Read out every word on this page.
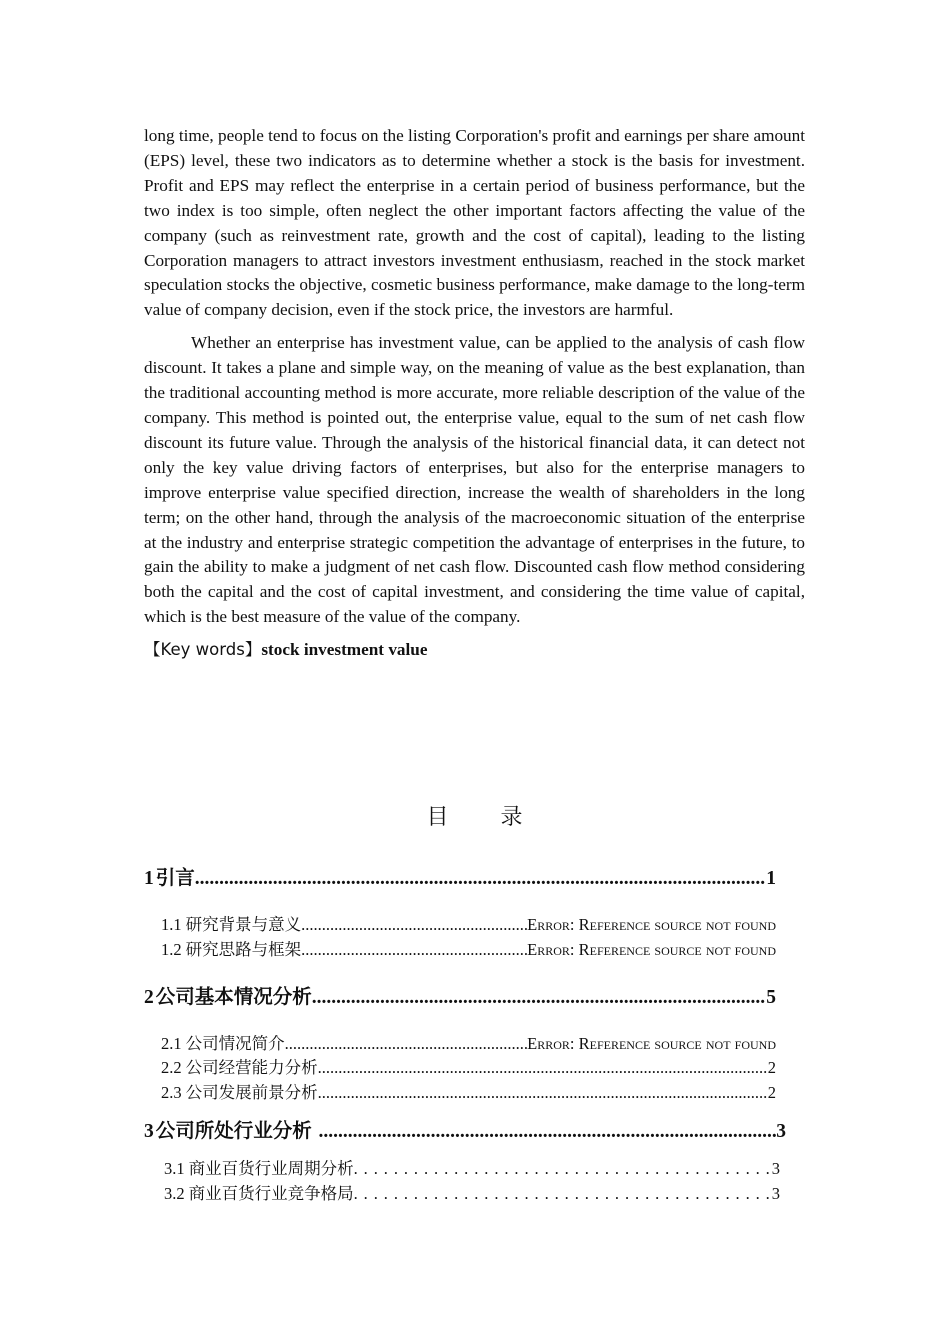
long time, people tend to focus on the listing Corporation's profit and earnings per share amount (EPS) level, these two indicators as to determine whether a stock is the basis for investment. Profit and EPS may reflect the enterprise in a certain period of business performance, but the two index is too simple, often neglect the other important factors affecting the value of the company (such as reinvestment rate, growth and the cost of capital), leading to the listing Corporation managers to attract investors investment enthusiasm, reached in the stock market speculation stocks the objective, cosmetic business performance, make damage to the long-term value of company decision, even if the stock price, the investors are harmful.

Whether an enterprise has investment value, can be applied to the analysis of cash flow discount. It takes a plane and simple way, on the meaning of value as the best explanation, than the traditional accounting method is more accurate, more reliable description of the value of the company. This method is pointed out, the enterprise value, equal to the sum of net cash flow discount its future value. Through the analysis of the historical financial data, it can detect not only the key value driving factors of enterprises, but also for the enterprise managers to improve enterprise value specified direction, increase the wealth of shareholders in the long term; on the other hand, through the analysis of the macroeconomic situation of the enterprise at the industry and enterprise strategic competition the advantage of enterprises in the future, to gain the ability to make a judgment of net cash flow. Discounted cash flow method considering both the capital and the cost of capital investment, and considering the time value of capital, which is the best measure of the value of the company.

【Key words】stock investment value
目 录
1 引言 .....	1
1.1 研究背景与意义 .....	Error: Reference source not found
1.2 研究思路与框架 .....	Error: Reference source not found
2 公司基本情况分析 .....	5
2.1 公司情况简介 .....	Error: Reference source not found
2.2 公司经营能力分析 .....	2
2.3 公司发展前景分析 .....	2
3 公司所处行业分析 .....	3
3.1 商业百货行业周期分析 . . .	3
3.2 商业百货行业竞争格局 . . .	3
